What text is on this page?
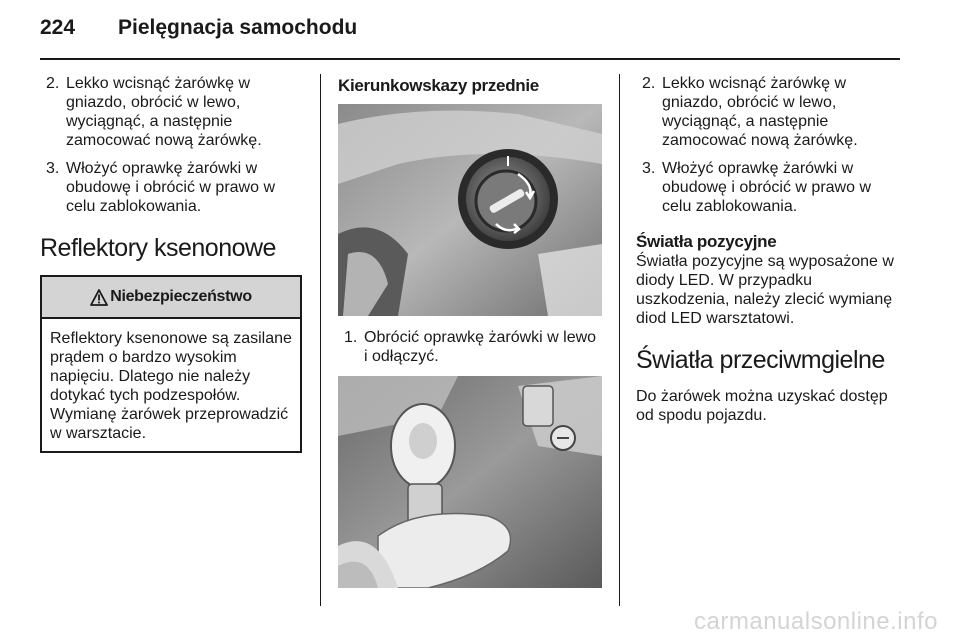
224 Pielęgnacja samochodu
2. Lekko wcisnąć żarówkę w gniazdo, obrócić w lewo, wyciągnąć, a następnie zamocować nową żarówkę.
3. Włożyć oprawkę żarówki w obudowę i obrócić w prawo w celu zablokowania.
Reflektory ksenonowe
Niebezpieczeństwo
Reflektory ksenonowe są zasilane prądem o bardzo wysokim napięciu. Dlatego nie należy dotykać tych podzespołów. Wymianę żarówek przeprowadzić w warsztacie.
Kierunkowskazy przednie
1. Obrócić oprawkę żarówki w lewo i odłączyć.
2. Lekko wcisnąć żarówkę w gniazdo, obrócić w lewo, wyciągnąć, a następnie zamocować nową żarówkę.
3. Włożyć oprawkę żarówki w obudowę i obrócić w prawo w celu zablokowania.
Światła pozycyjne

Światła pozycyjne są wyposażone w diody LED. W przypadku uszkodzenia, należy zlecić wymianę diod LED warsztatowi.

Światła przeciwmgielne

Do żarówek można uzyskać dostęp od spodu pojazdu.

carmanualsonline.info
